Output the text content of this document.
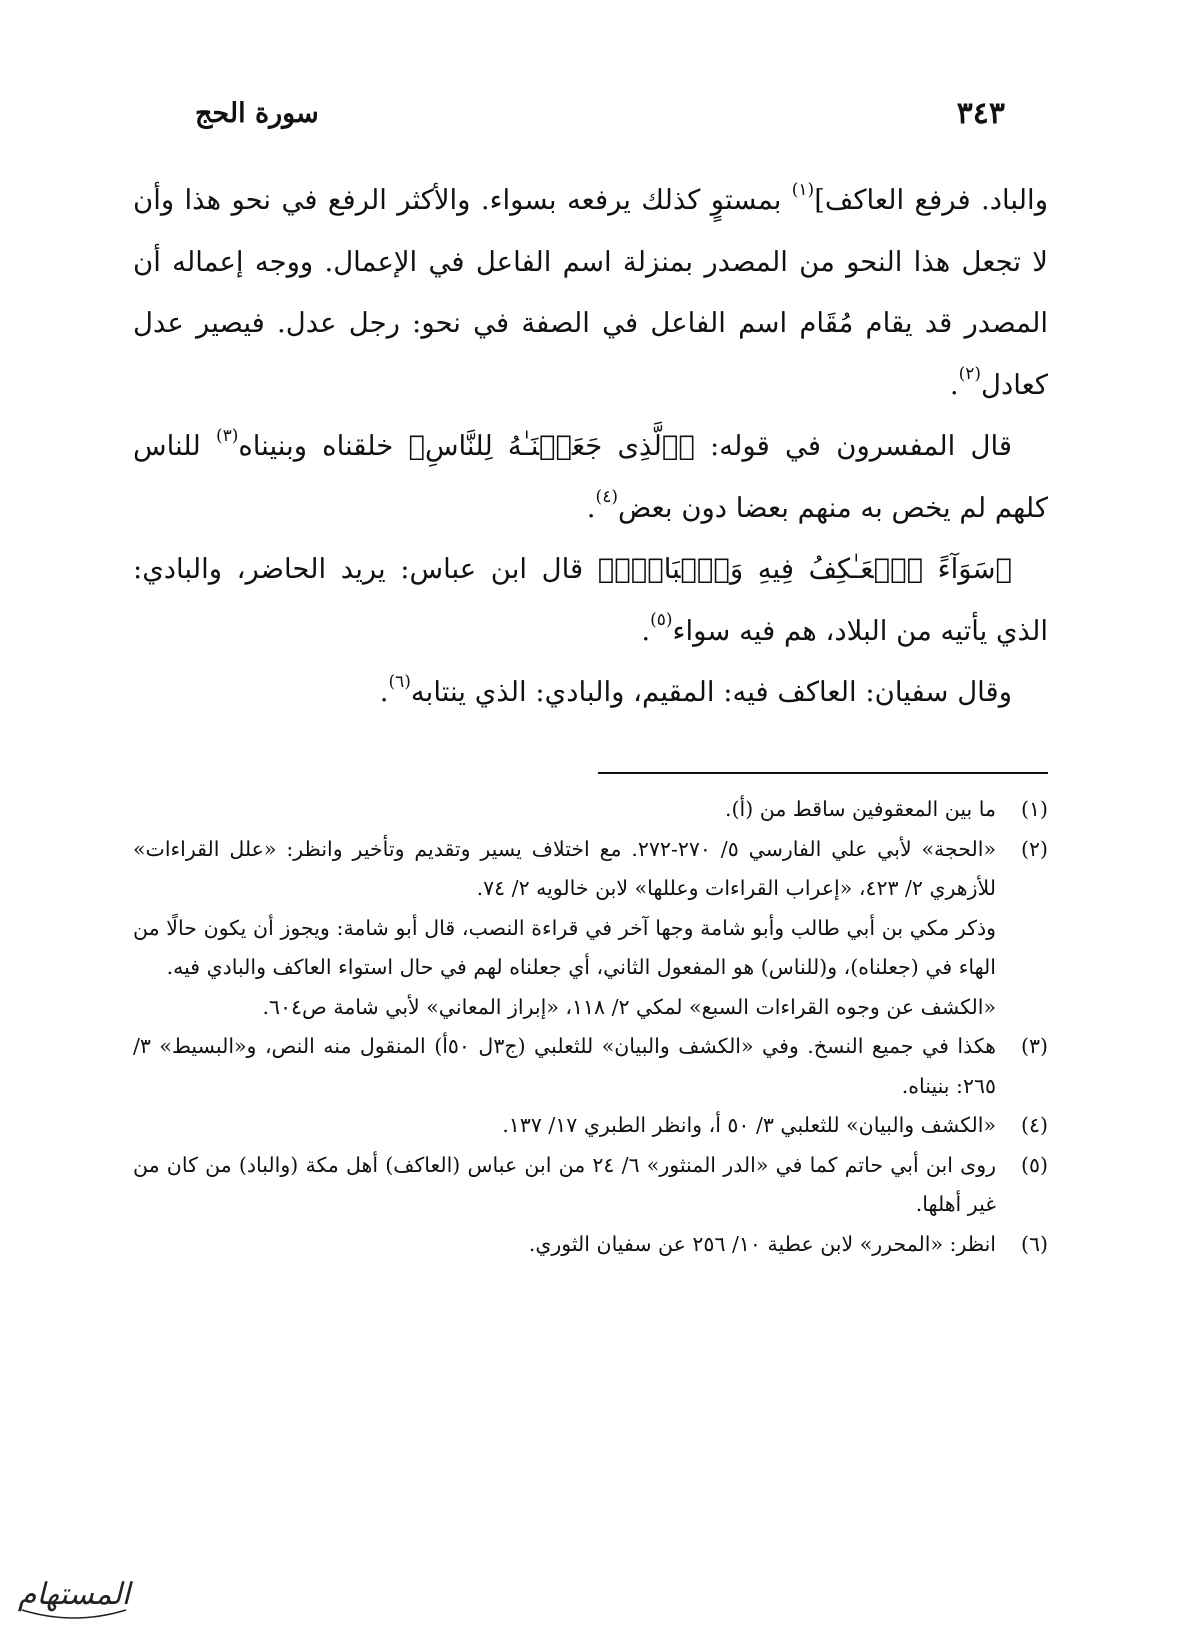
٣٤٣
سورة الحج

والباد. فرفع العاكف]$^{(١)}$ بمستوٍ كذلك يرفعه بسواء. والأكثر الرفع في نحو هذا وأن لا تجعل هذا النحو من المصدر بمنزلة اسم الفاعل في الإعمال. ووجه إعماله أن المصدر قد يقام مُقَام اسم الفاعل في الصفة في نحو: رجل عدل. فيصير عدل كعادل$^{(٢)}$.

قال المفسرون في قوله: ﴿ٱلَّذِى جَعَلۡنَـٰهُ لِلنَّاسِ﴾ خلقناه وبنيناه$^{(٣)}$ للناس كلهم لم يخص به منهم بعضا دون بعض$^{(٤)}$.

﴿سَوَآءً ٱلۡعَـٰكِفُ فِيهِ وَٱلۡبَادِۚ﴾ قال ابن عباس: يريد الحاضر، والبادي: الذي يأتيه من البلاد، هم فيه سواء$^{(٥)}$.

وقال سفيان: العاكف فيه: المقيم، والبادي: الذي ينتابه$^{(٦)}$.

(١)

ما بين المعقوفين ساقط من (أ).

(٢)

«الحجة» لأبي علي الفارسي ٥/ ٢٧٠-٢٧٢. مع اختلاف يسير وتقديم وتأخير وانظر: «علل القراءات» للأزهري ٢/ ٤٢٣، «إعراب القراءات وعللها» لابن خالويه ٢/ ٧٤.

وذكر مكي بن أبي طالب وأبو شامة وجها آخر في قراءة النصب، قال أبو شامة: ويجوز أن يكون حالًا من الهاء في (جعلناه)، و(للناس) هو المفعول الثاني، أي جعلناه لهم في حال استواء العاكف والبادي فيه.

«الكشف عن وجوه القراءات السبع» لمكي ٢/ ١١٨، «إبراز المعاني» لأبي شامة ص٦٠٤.

(٣)

هكذا في جميع النسخ. وفي «الكشف والبيان» للثعلبي (ج٣ل ٥٠أ) المنقول منه النص، و«البسيط» ٣/ ٢٦٥: بنيناه.

(٤)

«الكشف والبيان» للثعلبي ٣/ ٥٠ أ، وانظر الطبري ١٧/ ١٣٧.

(٥)

روى ابن أبي حاتم كما في «الدر المنثور» ٦/ ٢٤ من ابن عباس (العاكف) أهل مكة (والباد) من كان من غير أهلها.

(٦)

انظر: «المحرر» لابن عطية ١٠/ ٢٥٦ عن سفيان الثوري.

المستهام
